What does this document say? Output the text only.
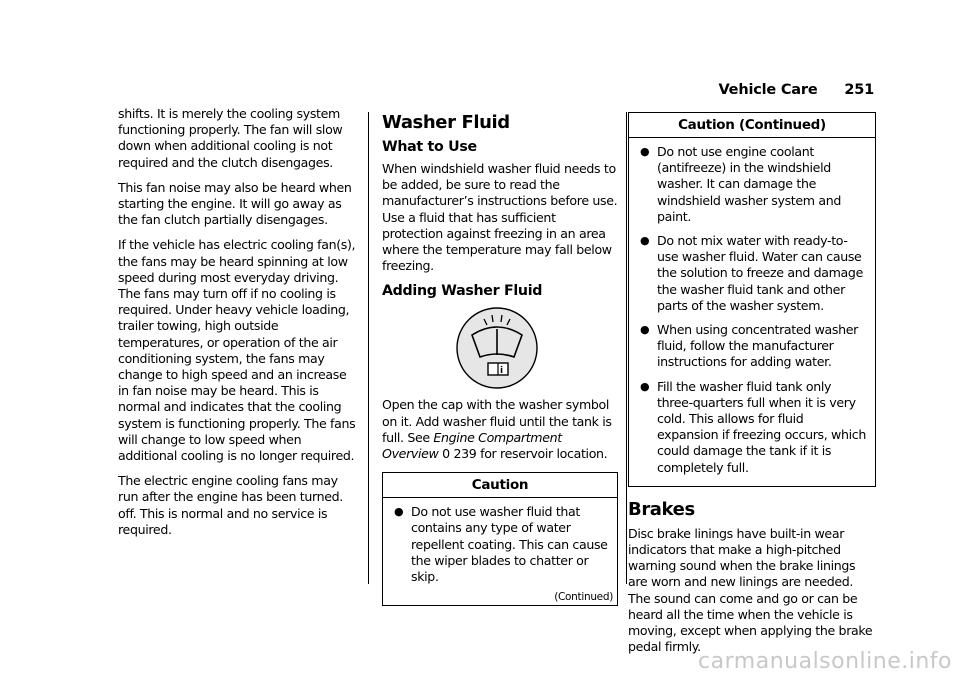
Vehicle Care 251

shifts. It is merely the cooling system functioning properly. The fan will slow down when additional cooling is not required and the clutch disengages.

This fan noise may also be heard when starting the engine. It will go away as the fan clutch partially disengages.

If the vehicle has electric cooling fan(s), the fans may be heard spinning at low speed during most everyday driving. The fans may turn off if no cooling is required. Under heavy vehicle loading, trailer towing, high outside temperatures, or operation of the air conditioning system, the fans may change to high speed and an increase in fan noise may be heard. This is normal and indicates that the cooling system is functioning properly. The fans will change to low speed when additional cooling is no longer required.

The electric engine cooling fans may run after the engine has been turned. off. This is normal and no service is required.

Washer Fluid
What to Use

When windshield washer fluid needs to be added, be sure to read the manufacturer’s instructions before use. Use a fluid that has sufficient protection against freezing in an area where the temperature may fall below freezing.

Adding Washer Fluid
i

Open the cap with the washer symbol on it. Add washer fluid until the tank is full. See Engine Compartment Overview 0 239 for reservoir location.

Caution
● Do not use washer fluid that contains any type of water repellent coating. This can cause the wiper blades to chatter or skip.
(Continued)
Caution (Continued)
● Do not use engine coolant (antifreeze) in the windshield washer. It can damage the windshield washer system and paint.
● Do not mix water with ready-to-use washer fluid. Water can cause the solution to freeze and damage the washer fluid tank and other parts of the washer system.
● When using concentrated washer fluid, follow the manufacturer instructions for adding water.
● Fill the washer fluid tank only three-quarters full when it is very cold. This allows for fluid expansion if freezing occurs, which could damage the tank if it is completely full.
Brakes

Disc brake linings have built-in wear indicators that make a high-pitched warning sound when the brake linings are worn and new linings are needed. The sound can come and go or can be heard all the time when the vehicle is moving, except when applying the brake pedal firmly.

carmanualsonline.info
